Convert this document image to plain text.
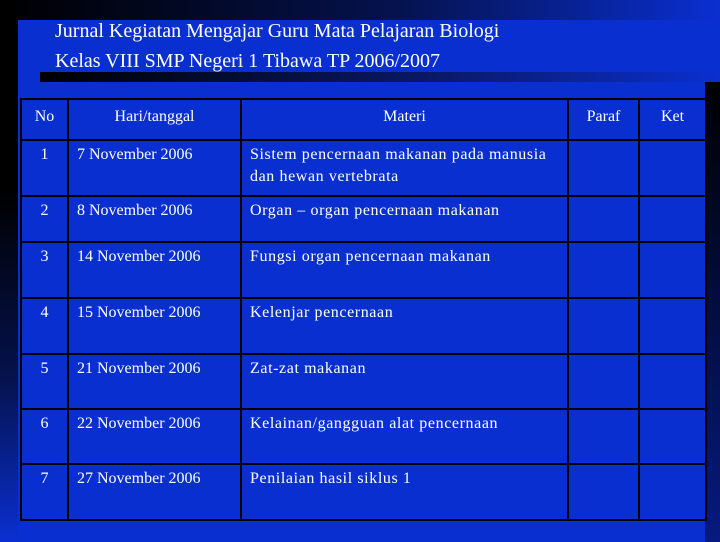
Jurnal Kegiatan Mengajar Guru Mata Pelajaran Biologi
Kelas VIII SMP Negeri 1 Tibawa TP 2006/2007
No	Hari/tanggal	Materi	Paraf	Ket
1	7 November 2006	Sistem pencernaan makanan pada manusia dan hewan vertebrata		
2	8 November 2006	Organ – organ pencernaan makanan		
3	14 November 2006	Fungsi organ pencernaan makanan		
4	15 November 2006	Kelenjar pencernaan		
5	21 November 2006	Zat-zat makanan		
6	22 November 2006	Kelainan/gangguan alat pencernaan		
7	27 November 2006	Penilaian hasil siklus 1		
